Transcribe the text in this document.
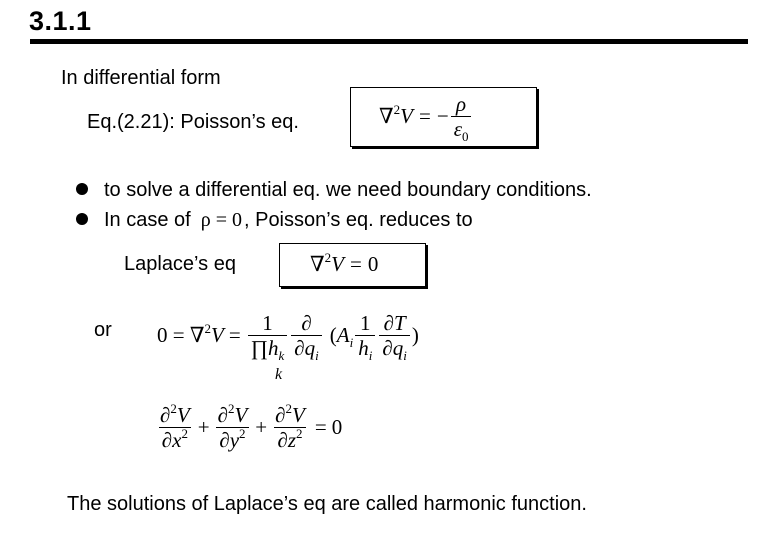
3.1.1
In differential form
Eq.(2.21): Poisson’s eq.	∇$^2$V = − $\frac{\rho}{\varepsilon_0}$
to solve a differential eq. we need boundary conditions.
In case of ρ = 0 , Poisson’s eq. reduces to
Laplace’s eq	∇$^2$V = 0
or $0 = \nabla^2V = \frac{1}{\prod h_k} \frac{\partial}{\partial q_i}$ ( $A_i \frac{1}{h_i} \frac{\partial T}{\partial q_i}$ )
k
$\frac{\partial^2V}{\partial x^2} + \frac{\partial^2V}{\partial y^2} + \frac{\partial^2V}{\partial z^2} = 0$
The solutions of Laplace’s eq are called harmonic function.
